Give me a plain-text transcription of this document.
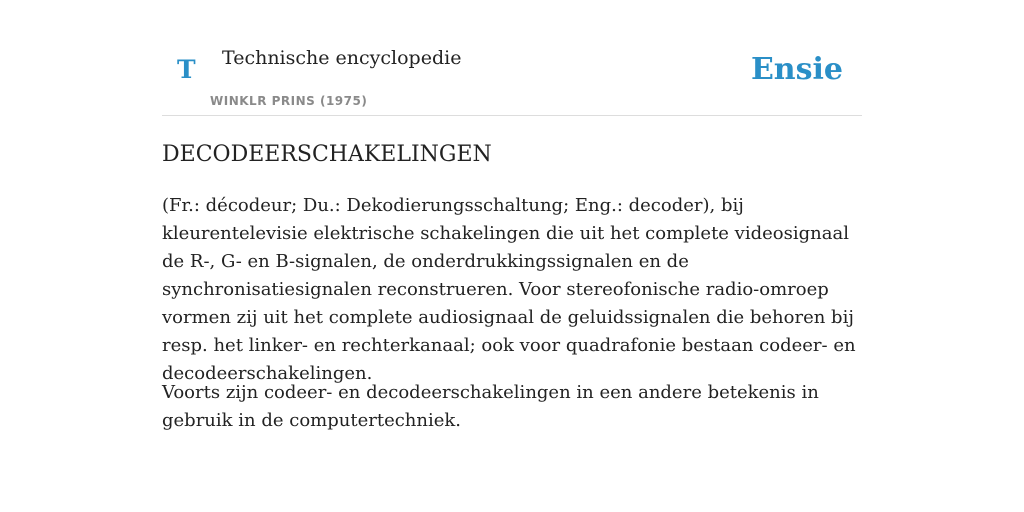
T Technische encyclopedie
WINKLR PRINS (1975)
Ensie
DECODEERSCHAKELINGEN

(Fr.: décodeur; Du.: Dekodierungsschaltung; Eng.: decoder), bij kleurentelevisie elektrische schakelingen die uit het complete videosignaal de R-, G- en B-signalen, de onderdrukkingssignalen en de synchronisatiesignalen reconstrueren. Voor stereofonische radio-omroep vormen zij uit het complete audiosignaal de geluidssignalen die behoren bij resp. het linker- en rechterkanaal; ook voor quadrafonie bestaan codeer- en decodeerschakelingen.

Voorts zijn codeer- en decodeerschakelingen in een andere betekenis in gebruik in de computertechniek.
